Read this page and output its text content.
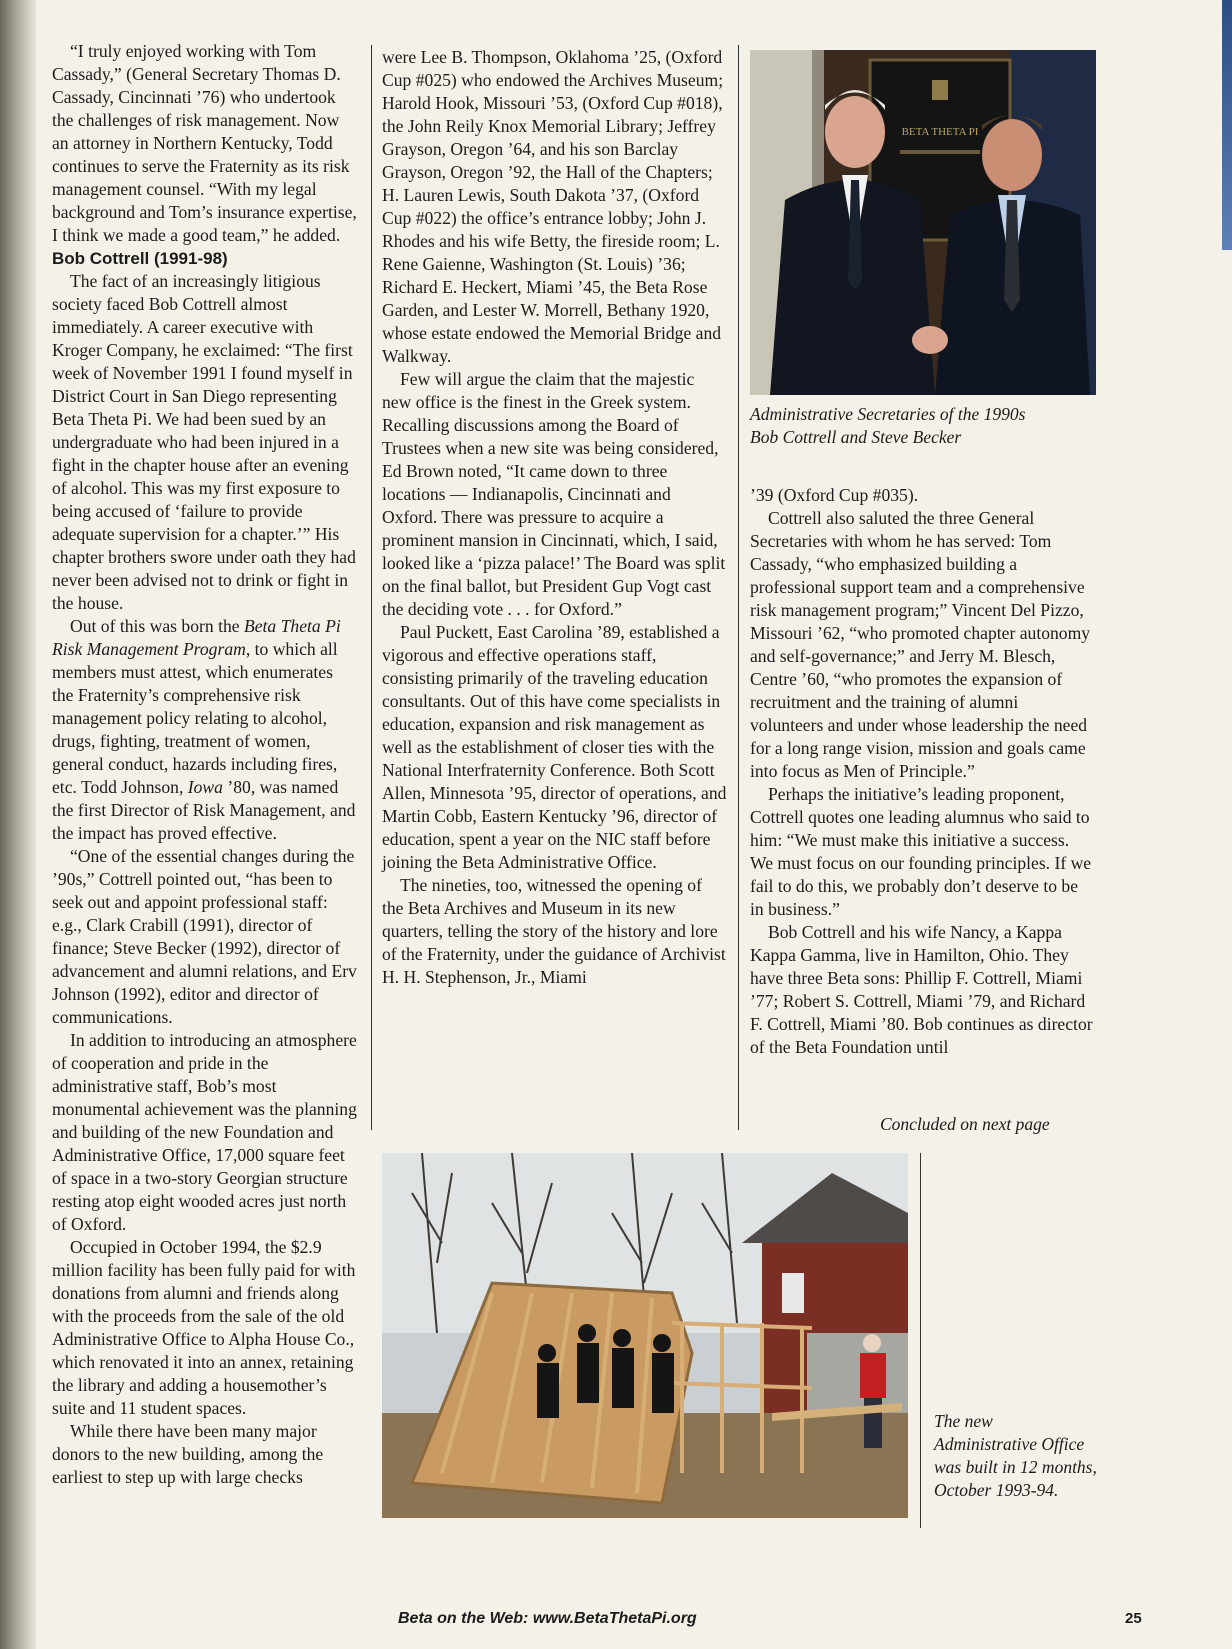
“I truly enjoyed working with Tom Cassady,” (General Secretary Thomas D. Cassady, Cincinnati ’76) who undertook the challenges of risk management. Now an attorney in Northern Kentucky, Todd continues to serve the Fraternity as its risk management counsel. “With my legal background and Tom’s insurance expertise, I think we made a good team,” he added.

Bob Cottrell (1991-98)

The fact of an increasingly litigious society faced Bob Cottrell almost immediately. A career executive with Kroger Company, he exclaimed: “The first week of November 1991 I found myself in District Court in San Diego representing Beta Theta Pi. We had been sued by an undergraduate who had been injured in a fight in the chapter house after an evening of alcohol. This was my first exposure to being accused of ‘failure to provide adequate supervision for a chapter.’” His chapter brothers swore under oath they had never been advised not to drink or fight in the house.

Out of this was born the Beta Theta Pi Risk Management Program, to which all members must attest, which enumerates the Fraternity’s comprehensive risk management policy relating to alcohol, drugs, fighting, treatment of women, general conduct, hazards including fires, etc. Todd Johnson, Iowa ’80, was named the first Director of Risk Management, and the impact has proved effective.

“One of the essential changes during the ’90s,” Cottrell pointed out, “has been to seek out and appoint professional staff: e.g., Clark Crabill (1991), director of finance; Steve Becker (1992), director of advancement and alumni relations, and Erv Johnson (1992), editor and director of communications.

In addition to introducing an atmosphere of cooperation and pride in the administrative staff, Bob’s most monumental achievement was the planning and building of the new Foundation and Administrative Office, 17,000 square feet of space in a two-story Georgian structure resting atop eight wooded acres just north of Oxford.

Occupied in October 1994, the $2.9 million facility has been fully paid for with donations from alumni and friends along with the proceeds from the sale of the old Administrative Office to Alpha House Co., which renovated it into an annex, retaining the library and adding a housemother’s suite and 11 student spaces.

While there have been many major donors to the new building, among the earliest to step up with large checks

were Lee B. Thompson, Oklahoma ’25, (Oxford Cup #025) who endowed the Archives Museum; Harold Hook, Missouri ’53, (Oxford Cup #018), the John Reily Knox Memorial Library; Jeffrey Grayson, Oregon ’64, and his son Barclay Grayson, Oregon ’92, the Hall of the Chapters; H. Lauren Lewis, South Dakota ’37, (Oxford Cup #022) the office’s entrance lobby; John J. Rhodes and his wife Betty, the fireside room; L. Rene Gaienne, Washington (St. Louis) ’36; Richard E. Heckert, Miami ’45, the Beta Rose Garden, and Lester W. Morrell, Bethany 1920, whose estate endowed the Memorial Bridge and Walkway.

Few will argue the claim that the majestic new office is the finest in the Greek system. Recalling discussions among the Board of Trustees when a new site was being considered, Ed Brown noted, “It came down to three locations — Indianapolis, Cincinnati and Oxford. There was pressure to acquire a prominent mansion in Cincinnati, which, I said, looked like a ‘pizza palace!’ The Board was split on the final ballot, but President Gup Vogt cast the deciding vote . . . for Oxford.”

Paul Puckett, East Carolina ’89, established a vigorous and effective operations staff, consisting primarily of the traveling education consultants. Out of this have come specialists in education, expansion and risk management as well as the establishment of closer ties with the National Interfraternity Conference. Both Scott Allen, Minnesota ’95, director of operations, and Martin Cobb, Eastern Kentucky ’96, director of education, spent a year on the NIC staff before joining the Beta Administrative Office.

The nineties, too, witnessed the opening of the Beta Archives and Museum in its new quarters, telling the story of the history and lore of the Fraternity, under the guidance of Archivist H. H. Stephenson, Jr., Miami

BETA THETA PI
Administrative Secretaries of the 1990s Bob Cottrell and Steve Becker

’39 (Oxford Cup #035).

Cottrell also saluted the three General Secretaries with whom he has served: Tom Cassady, “who emphasized building a professional support team and a comprehensive risk management program;” Vincent Del Pizzo, Missouri ’62, “who promoted chapter autonomy and self-governance;” and Jerry M. Blesch, Centre ’60, “who promotes the expansion of recruitment and the training of alumni volunteers and under whose leadership the need for a long range vision, mission and goals came into focus as Men of Principle.”

Perhaps the initiative’s leading proponent, Cottrell quotes one leading alumnus who said to him: “We must make this initiative a success. We must focus on our founding principles. If we fail to do this, we probably don’t deserve to be in business.”

Bob Cottrell and his wife Nancy, a Kappa Kappa Gamma, live in Hamilton, Ohio. They have three Beta sons: Phillip F. Cottrell, Miami ’77; Robert S. Cottrell, Miami ’79, and Richard F. Cottrell, Miami ’80. Bob continues as director of the Beta Foundation until

Concluded on next page
The new Administrative Office was built in 12 months, October 1993-94.
Beta on the Web: www.BetaThetaPi.org	25
